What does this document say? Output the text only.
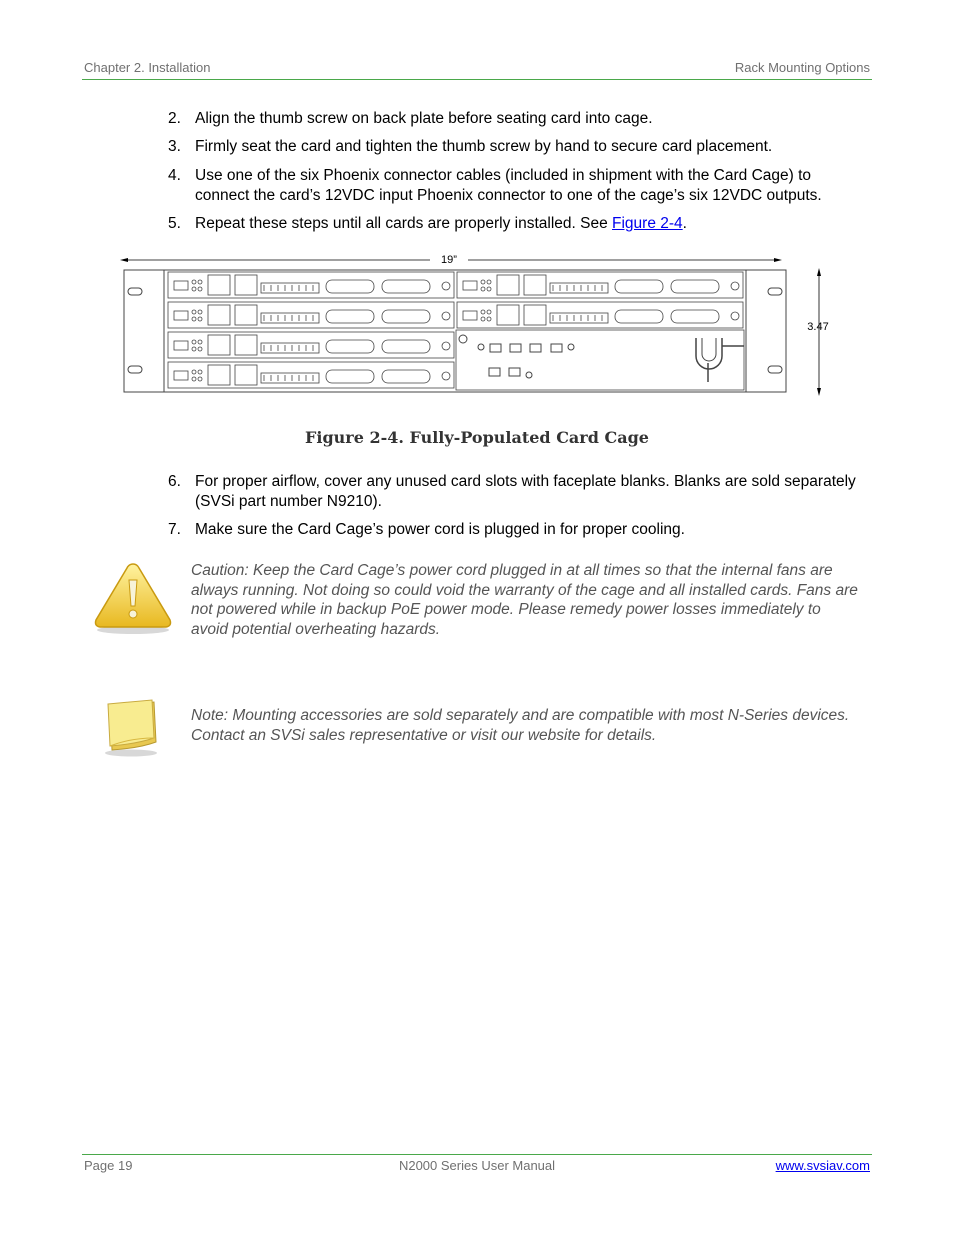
Chapter 2. Installation	Rack Mounting Options
2. Align the thumb screw on back plate before seating card into cage.
3. Firmly seat the card and tighten the thumb screw by hand to secure card placement.
4. Use one of the six Phoenix connector cables (included in shipment with the Card Cage) to connect the card’s 12VDC input Phoenix connector to one of the cage’s six 12VDC outputs.
5. Repeat these steps until all cards are properly installed. See Figure 2-4.
19”
3.47
Figure 2-4. Fully-Populated Card Cage
6. For proper airflow, cover any unused card slots with faceplate blanks. Blanks are sold separately (SVSi part number N9210).
7. Make sure the Card Cage’s power cord is plugged in for proper cooling.
Caution: Keep the Card Cage’s power cord plugged in at all times so that the internal fans are always running. Not doing so could void the warranty of the cage and all installed cards. Fans are not powered while in backup PoE power mode. Please remedy power losses immediately to avoid potential overheating hazards.
Note: Mounting accessories are sold separately and are compatible with most N-Series devices. Contact an SVSi sales representative or visit our website for details.
Page 19	N2000 Series User Manual	www.svsiav.com
